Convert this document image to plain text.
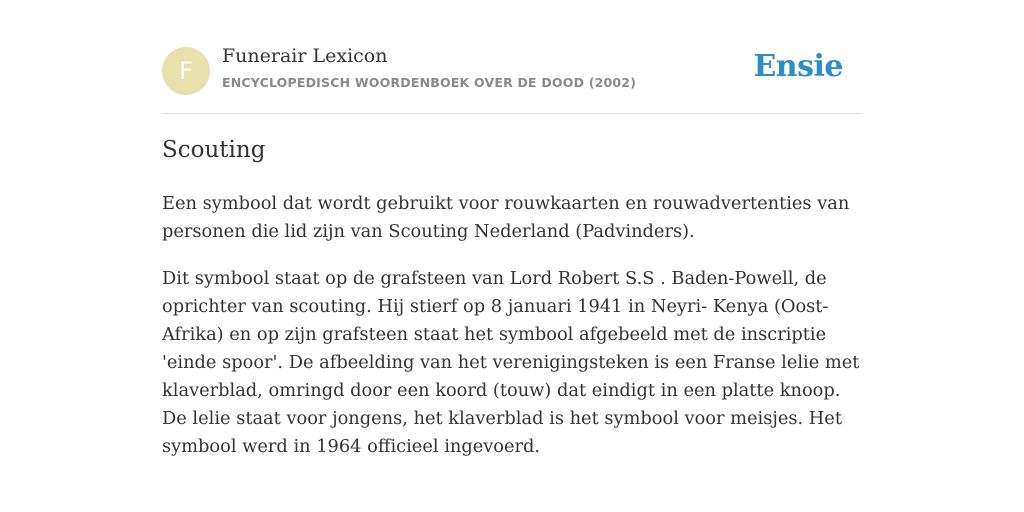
F
Funerair Lexicon
ENCYCLOPEDISCH WOORDENBOEK OVER DE DOOD (2002)	Ensie
Scouting

Een symbool dat wordt gebruikt voor rouwkaarten en rouwadvertenties van personen die lid zijn van Scouting Nederland (Padvinders).

Dit symbool staat op de grafsteen van Lord Robert S.S . Baden-Powell, de oprichter van scouting. Hij stierf op 8 januari 1941 in Neyri- Kenya (Oost-Afrika) en op zijn grafsteen staat het symbool afgebeeld met de inscriptie 'einde spoor'. De afbeelding van het verenigingsteken is een Franse lelie met klaverblad, omringd door een koord (touw) dat eindigt in een platte knoop. De lelie staat voor jongens, het klaverblad is het symbool voor meisjes. Het symbool werd in 1964 officieel ingevoerd.
